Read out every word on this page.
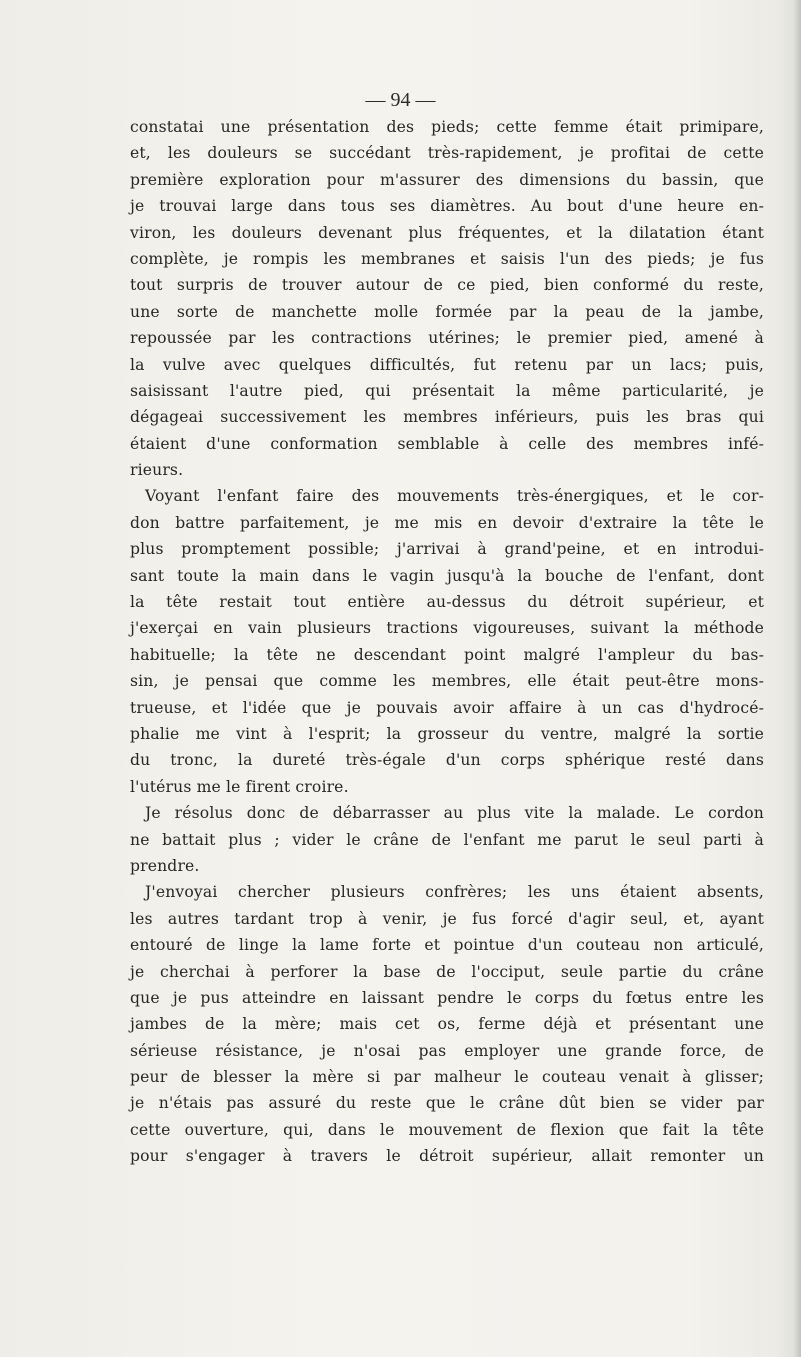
— 94 —
constatai une présentation des pieds; cette femme était primipare,
et, les douleurs se succédant très-rapidement, je profitai de cette
première exploration pour m'assurer des dimensions du bassin, que
je trouvai large dans tous ses diamètres. Au bout d'une heure en-
viron, les douleurs devenant plus fréquentes, et la dilatation étant
complète, je rompis les membranes et saisis l'un des pieds; je fus
tout surpris de trouver autour de ce pied, bien conformé du reste,
une sorte de manchette molle formée par la peau de la jambe,
repoussée par les contractions utérines; le premier pied, amené à
la vulve avec quelques difficultés, fut retenu par un lacs; puis,
saisissant l'autre pied, qui présentait la même particularité, je
dégageai successivement les membres inférieurs, puis les bras qui
étaient d'une conformation semblable à celle des membres infé-
rieurs.
Voyant l'enfant faire des mouvements très-énergiques, et le cor-
don battre parfaitement, je me mis en devoir d'extraire la tête le
plus promptement possible; j'arrivai à grand'peine, et en introdui-
sant toute la main dans le vagin jusqu'à la bouche de l'enfant, dont
la tête restait tout entière au-dessus du détroit supérieur, et
j'exerçai en vain plusieurs tractions vigoureuses, suivant la méthode
habituelle; la tête ne descendant point malgré l'ampleur du bas-
sin, je pensai que comme les membres, elle était peut-être mons-
trueuse, et l'idée que je pouvais avoir affaire à un cas d'hydrocé-
phalie me vint à l'esprit; la grosseur du ventre, malgré la sortie
du tronc, la dureté très-égale d'un corps sphérique resté dans
l'utérus me le firent croire.
Je résolus donc de débarrasser au plus vite la malade. Le cordon
ne battait plus ; vider le crâne de l'enfant me parut le seul parti à
prendre.
J'envoyai chercher plusieurs confrères; les uns étaient absents,
les autres tardant trop à venir, je fus forcé d'agir seul, et, ayant
entouré de linge la lame forte et pointue d'un couteau non articulé,
je cherchai à perforer la base de l'occiput, seule partie du crâne
que je pus atteindre en laissant pendre le corps du fœtus entre les
jambes de la mère; mais cet os, ferme déjà et présentant une
sérieuse résistance, je n'osai pas employer une grande force, de
peur de blesser la mère si par malheur le couteau venait à glisser;
je n'étais pas assuré du reste que le crâne dût bien se vider par
cette ouverture, qui, dans le mouvement de flexion que fait la tête
pour s'engager à travers le détroit supérieur, allait remonter un
